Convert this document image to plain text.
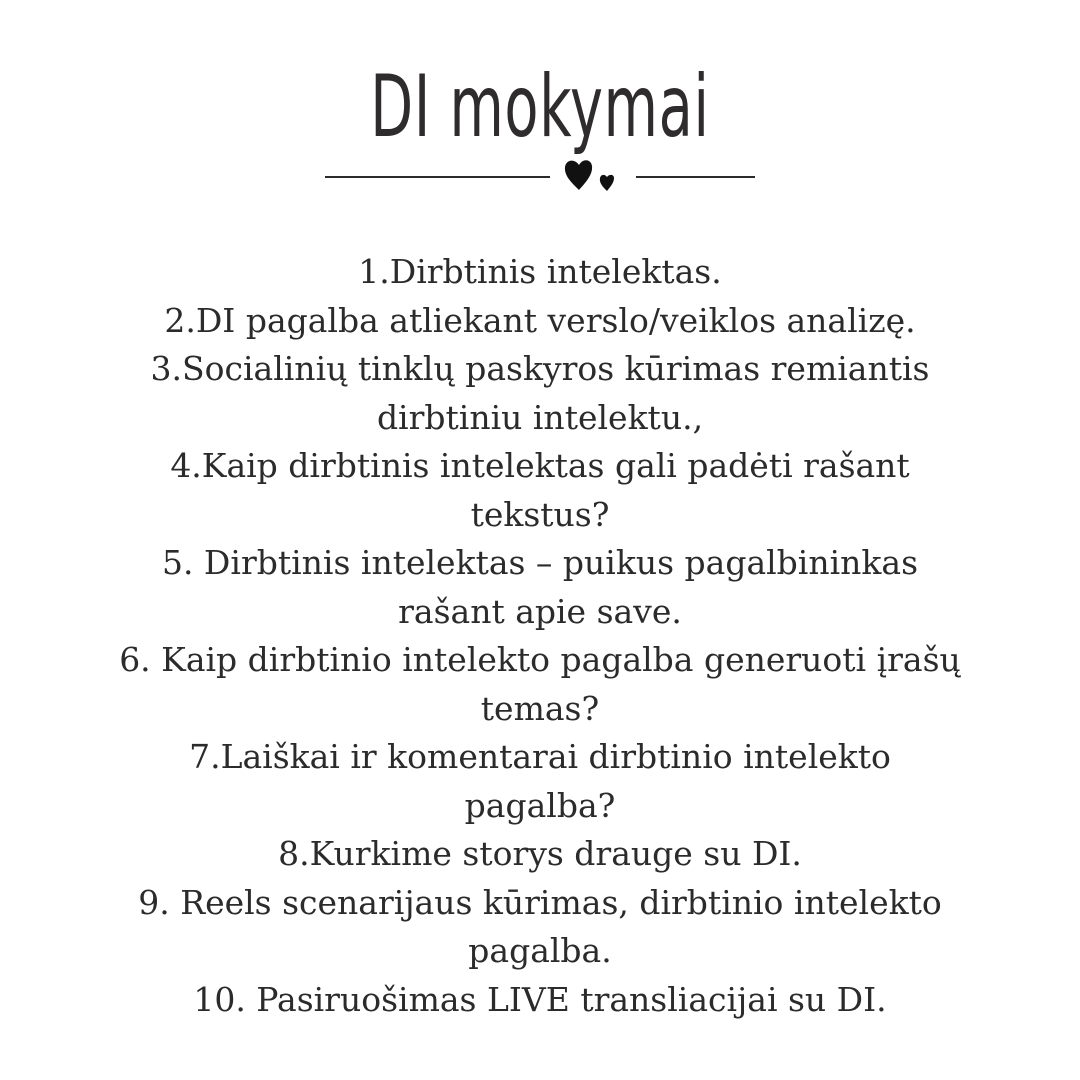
DI mokymai
1.Dirbtinis intelektas.
2.DI pagalba atliekant verslo/veiklos analizę.
3.Socialinių tinklų paskyros kūrimas remiantis dirbtiniu intelektu.,
4.Kaip dirbtinis intelektas gali padėti rašant tekstus?
5. Dirbtinis intelektas – puikus pagalbininkas rašant apie save.
6. Kaip dirbtinio intelekto pagalba generuoti įrašų temas?
7.Laiškai ir komentarai dirbtinio intelekto pagalba?
8.Kurkime storys drauge su DI.
9. Reels scenarijaus kūrimas, dirbtinio intelekto pagalba.
10. Pasiruošimas LIVE transliacijai su DI.
